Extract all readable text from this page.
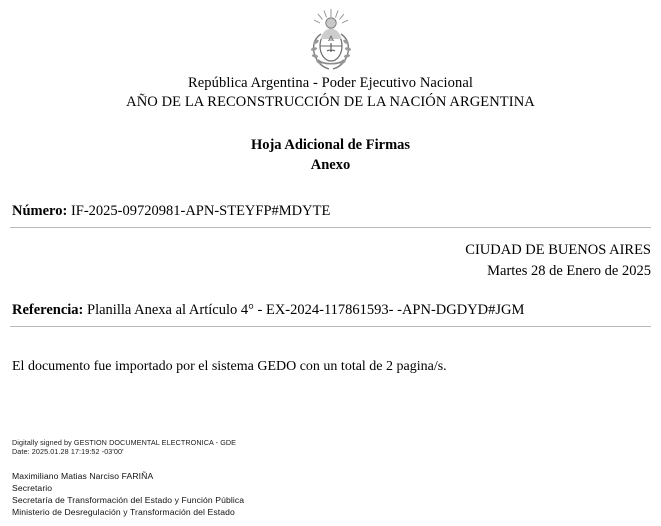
República Argentina - Poder Ejecutivo Nacional
AÑO DE LA RECONSTRUCCIÓN DE LA NACIÓN ARGENTINA
Hoja Adicional de Firmas
Anexo
Número: IF-2025-09720981-APN-STEYFP#MDYTE
CIUDAD DE BUENOS AIRES
Martes 28 de Enero de 2025
Referencia: Planilla Anexa al Artículo 4° - EX-2024-117861593- -APN-DGDYD#JGM
El documento fue importado por el sistema GEDO con un total de 2 pagina/s.
Digitally signed by GESTION DOCUMENTAL ELECTRONICA - GDE
Date: 2025.01.28 17:19:52 -03'00'
Maximiliano Matias Narciso FARIÑA
Secretario
Secretaría de Transformación del Estado y Función Pública
Ministerio de Desregulación y Transformación del Estado
